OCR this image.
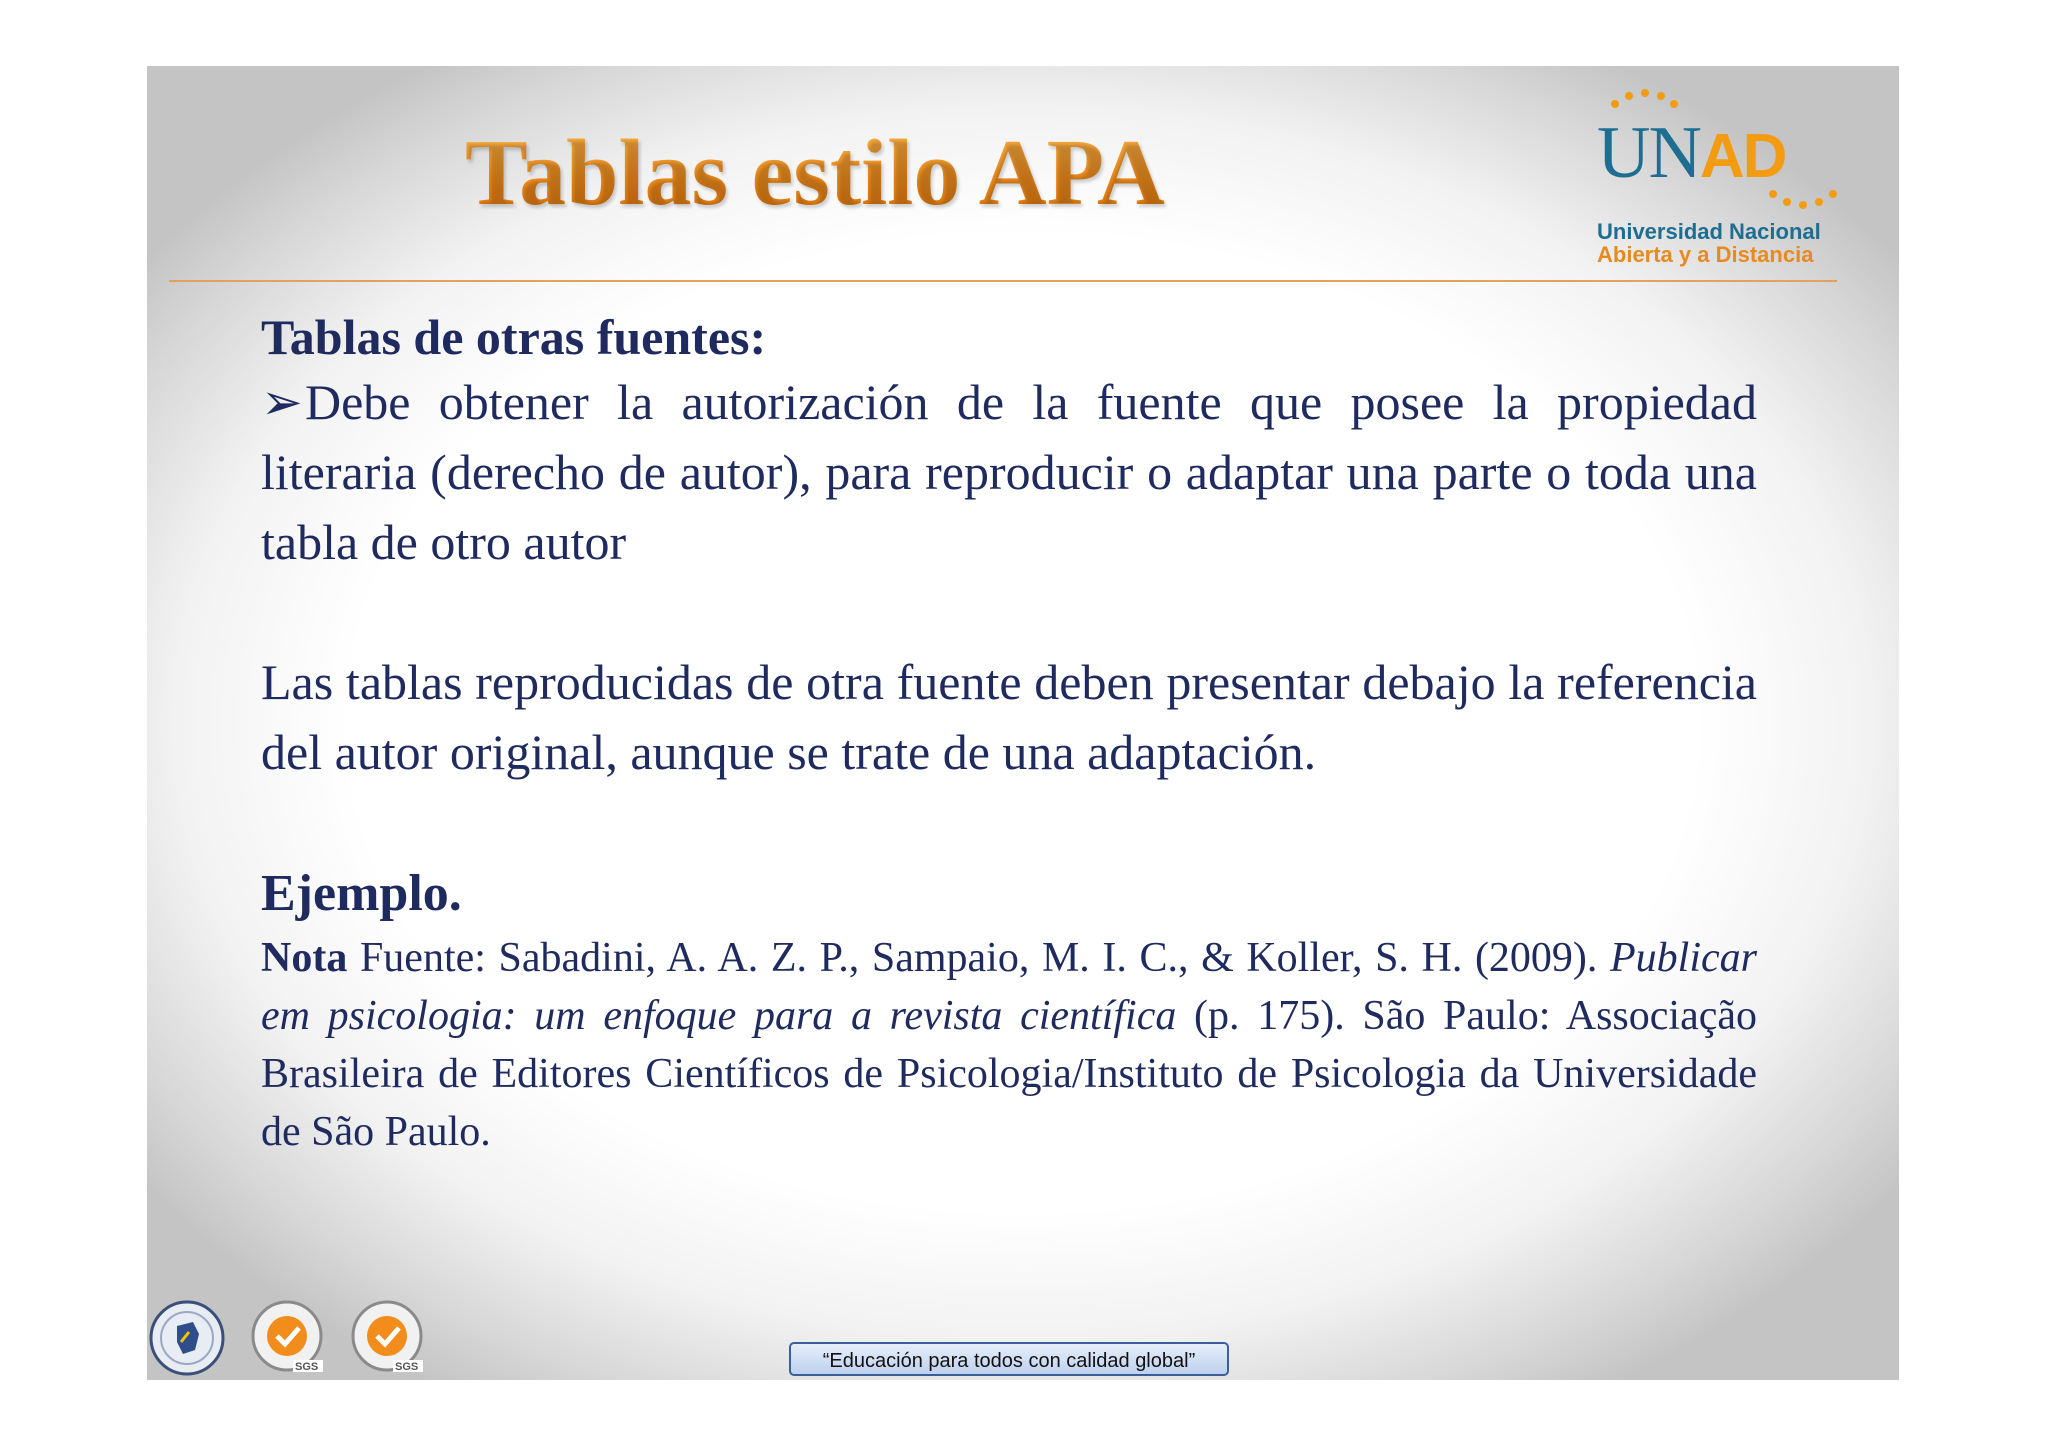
Tablas estilo APA	UNAD
Universidad Nacional
Abierta y a Distancia

Tablas de otras fuentes:

➢Debe obtener la autorización de la fuente que posee la propiedad literaria (derecho de autor), para reproducir o adaptar una parte o toda una tabla de otro autor

Las tablas reproducidas de otra fuente deben presentar debajo la referencia del autor original, aunque se trate de una adaptación.

Ejemplo.

Nota Fuente: Sabadini, A. A. Z. P., Sampaio, M. I. C., & Koller, S. H. (2009). Publicar em psicologia: um enfoque para a revista científica (p. 175). São Paulo: Associação Brasileira de Editores Científicos de Psicologia/Instituto de Psicologia da Universidade de São Paulo.

SGS	SGS	“Educación para todos con calidad global”
